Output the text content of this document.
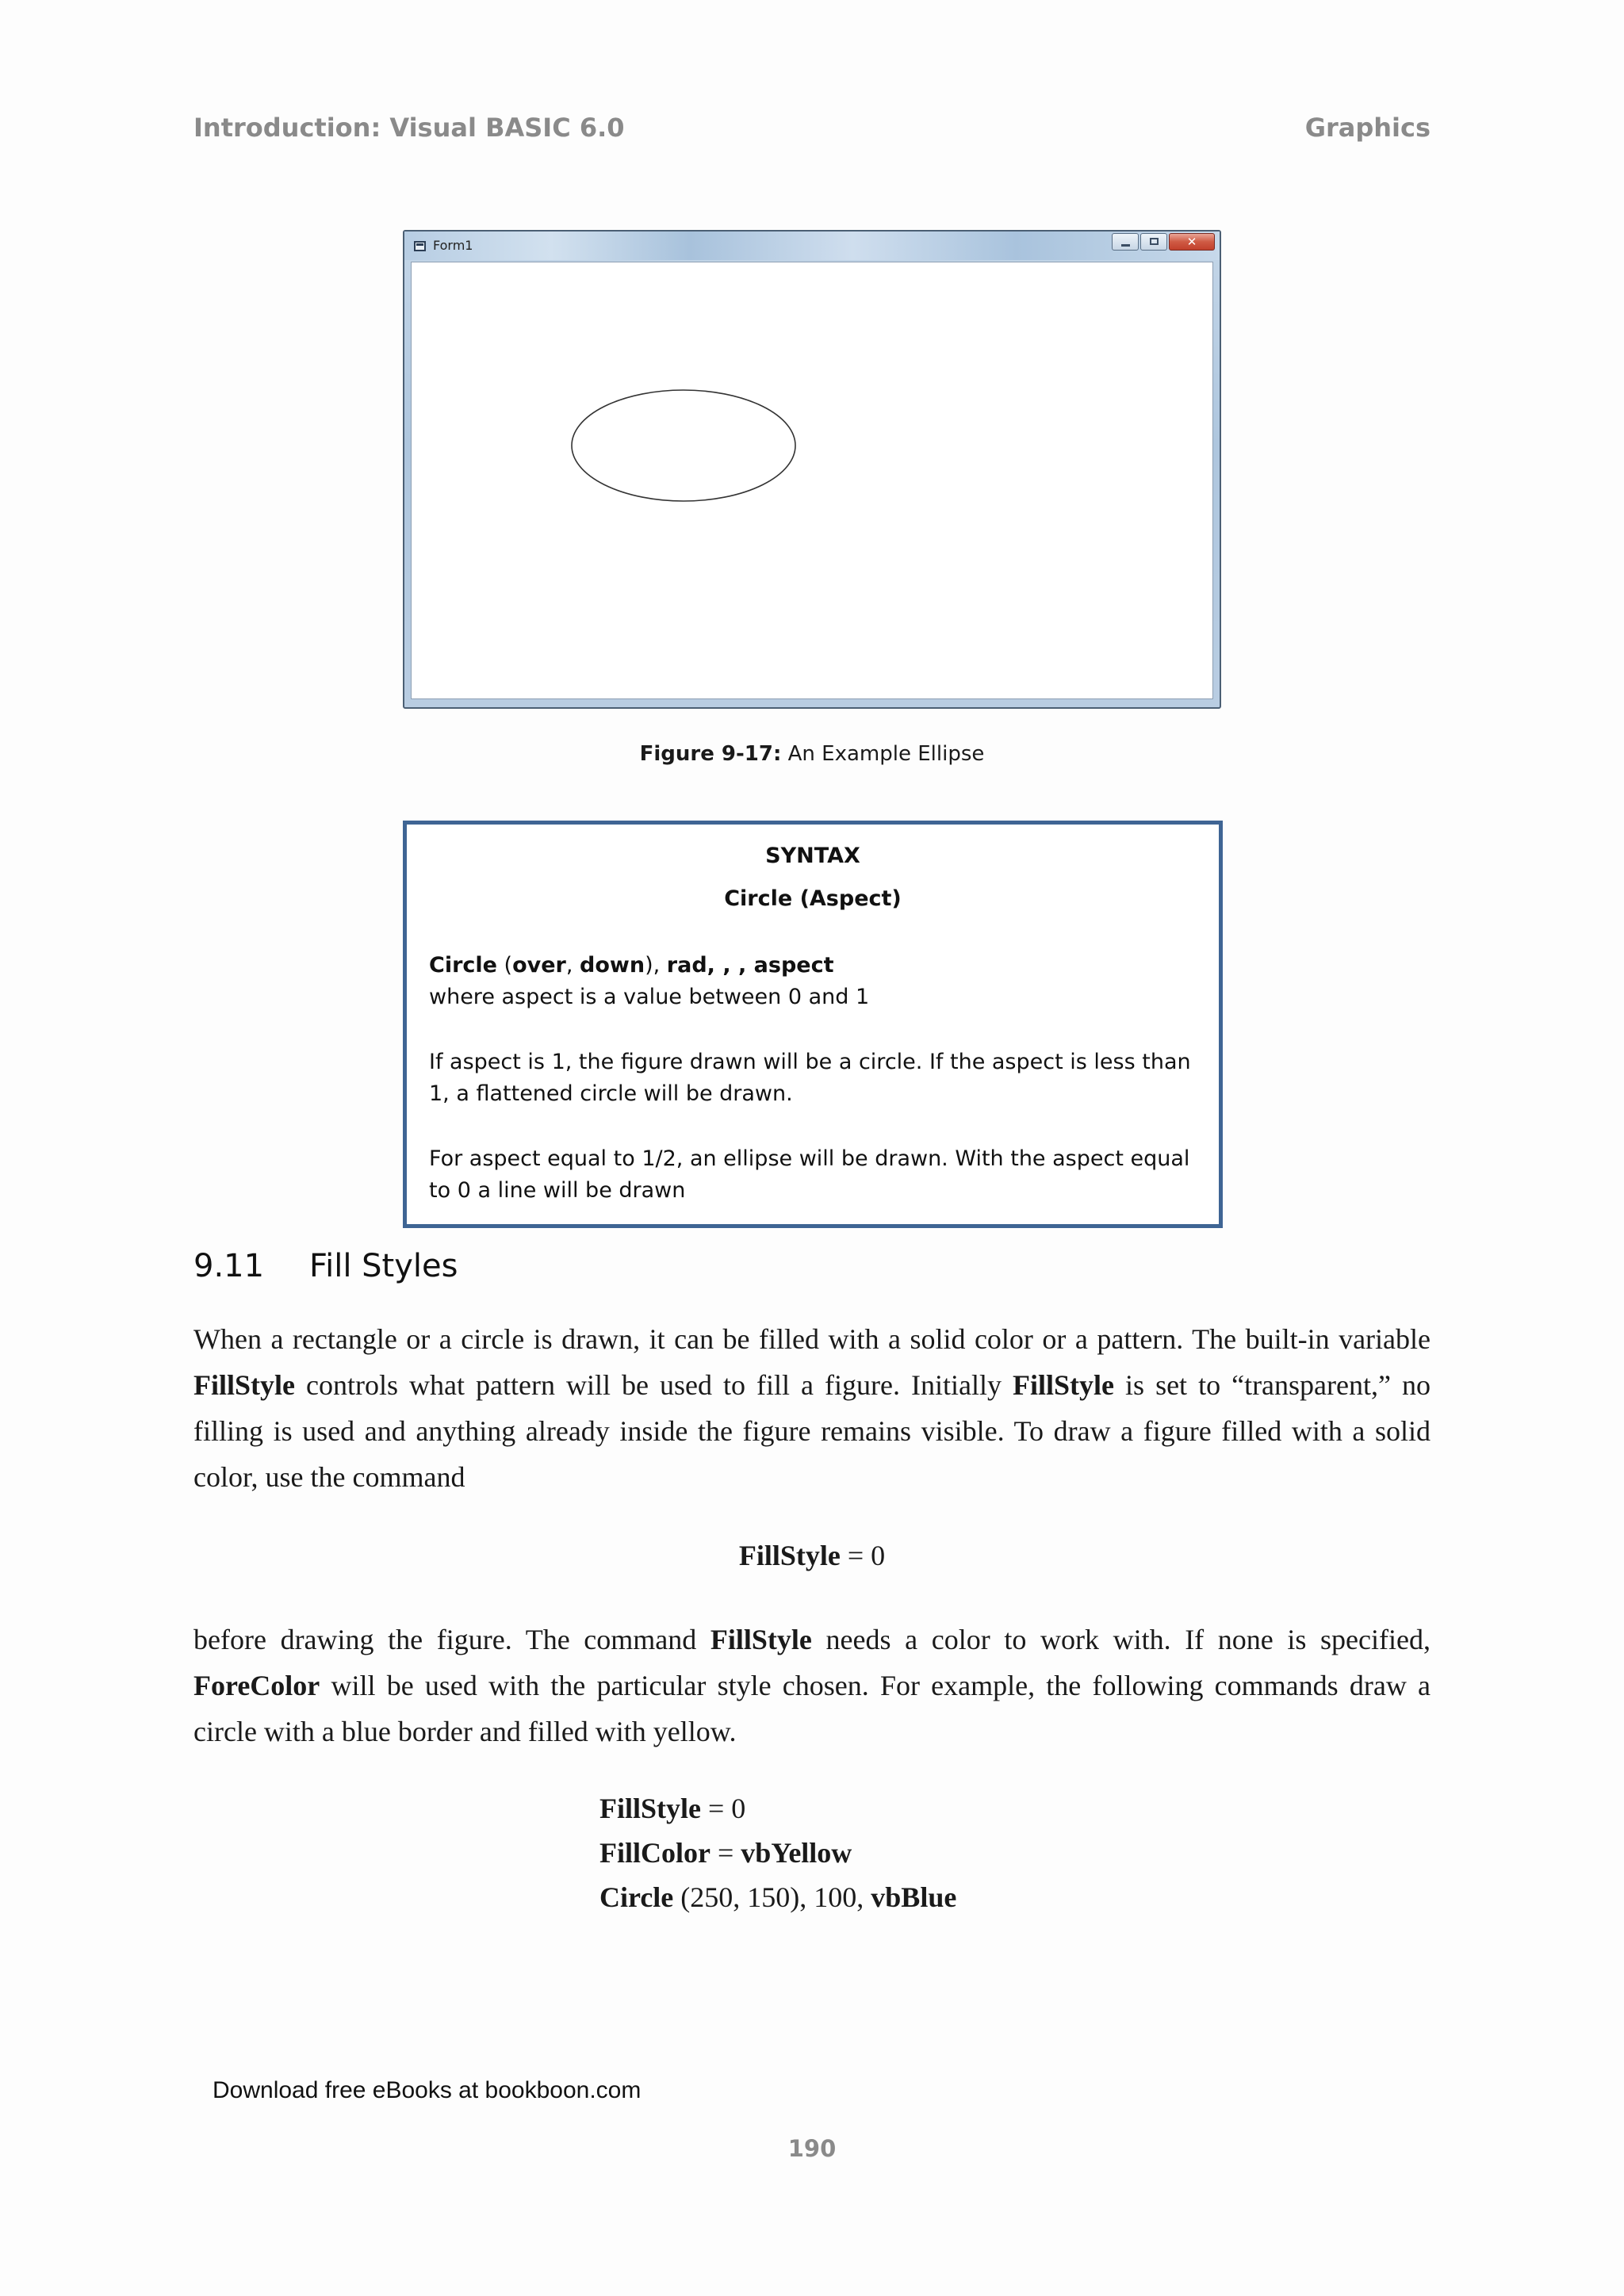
Introduction: Visual BASIC 6.0	Graphics
Form1	✕
Figure 9-17: An Example Ellipse
SYNTAX
Circle (Aspect)
Circle (over, down), rad, , , aspect
where aspect is a value between 0 and 1
If aspect is 1, the figure drawn will be a circle. If the aspect is less than 1, a flattened circle will be drawn.
For aspect equal to 1/2, an ellipse will be drawn. With the aspect equal to 0 a line will be drawn
9.11 Fill Styles
When a rectangle or a circle is drawn, it can be filled with a solid color or a pattern. The built-in variable FillStyle controls what pattern will be used to fill a figure. Initially FillStyle is set to “transparent,” no filling is used and anything already inside the figure remains visible. To draw a figure filled with a solid color, use the command
FillStyle = 0
before drawing the figure. The command FillStyle needs a color to work with. If none is specified, ForeColor will be used with the particular style chosen. For example, the following commands draw a circle with a blue border and filled with yellow.
FillStyle = 0
FillColor = vbYellow
Circle (250, 150), 100, vbBlue
Download free eBooks at bookboon.com
190
